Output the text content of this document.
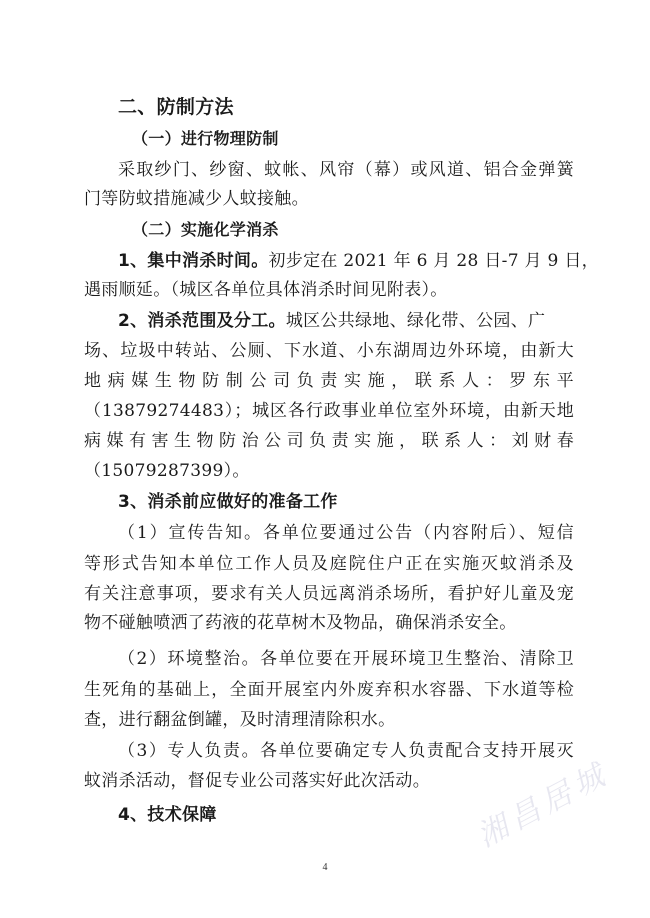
二、防制方法
（一）进行物理防制
采取纱门、纱窗、蚊帐、风帘（幕）或风道、铝合金弹簧
门等防蚊措施减少人蚊接触。
（二）实施化学消杀
1、集中消杀时间。初步定在 2021 年 6 月 28 日-7 月 9 日，
遇雨顺延。（城区各单位具体消杀时间见附表）。
2、消杀范围及分工。城区公共绿地、绿化带、公园、广
场、垃圾中转站、公厕、下水道、小东湖周边外环境，由新大
地病媒生物防制公司负责实施，联系人：罗东平
（13879274483）；城区各行政事业单位室外环境，由新天地
病媒有害生物防治公司负责实施，联系人：刘财春
（15079287399）。
3、消杀前应做好的准备工作
（1）宣传告知。各单位要通过公告（内容附后）、短信
等形式告知本单位工作人员及庭院住户正在实施灭蚊消杀及
有关注意事项，要求有关人员远离消杀场所，看护好儿童及宠
物不碰触喷洒了药液的花草树木及物品，确保消杀安全。
（2）环境整治。各单位要在开展环境卫生整治、清除卫
生死角的基础上，全面开展室内外废弃积水容器、下水道等检
查，进行翻盆倒罐，及时清理清除积水。
（3）专人负责。各单位要确定专人负责配合支持开展灭
蚊消杀活动，督促专业公司落实好此次活动。
4、技术保障	湘昌居城
4
